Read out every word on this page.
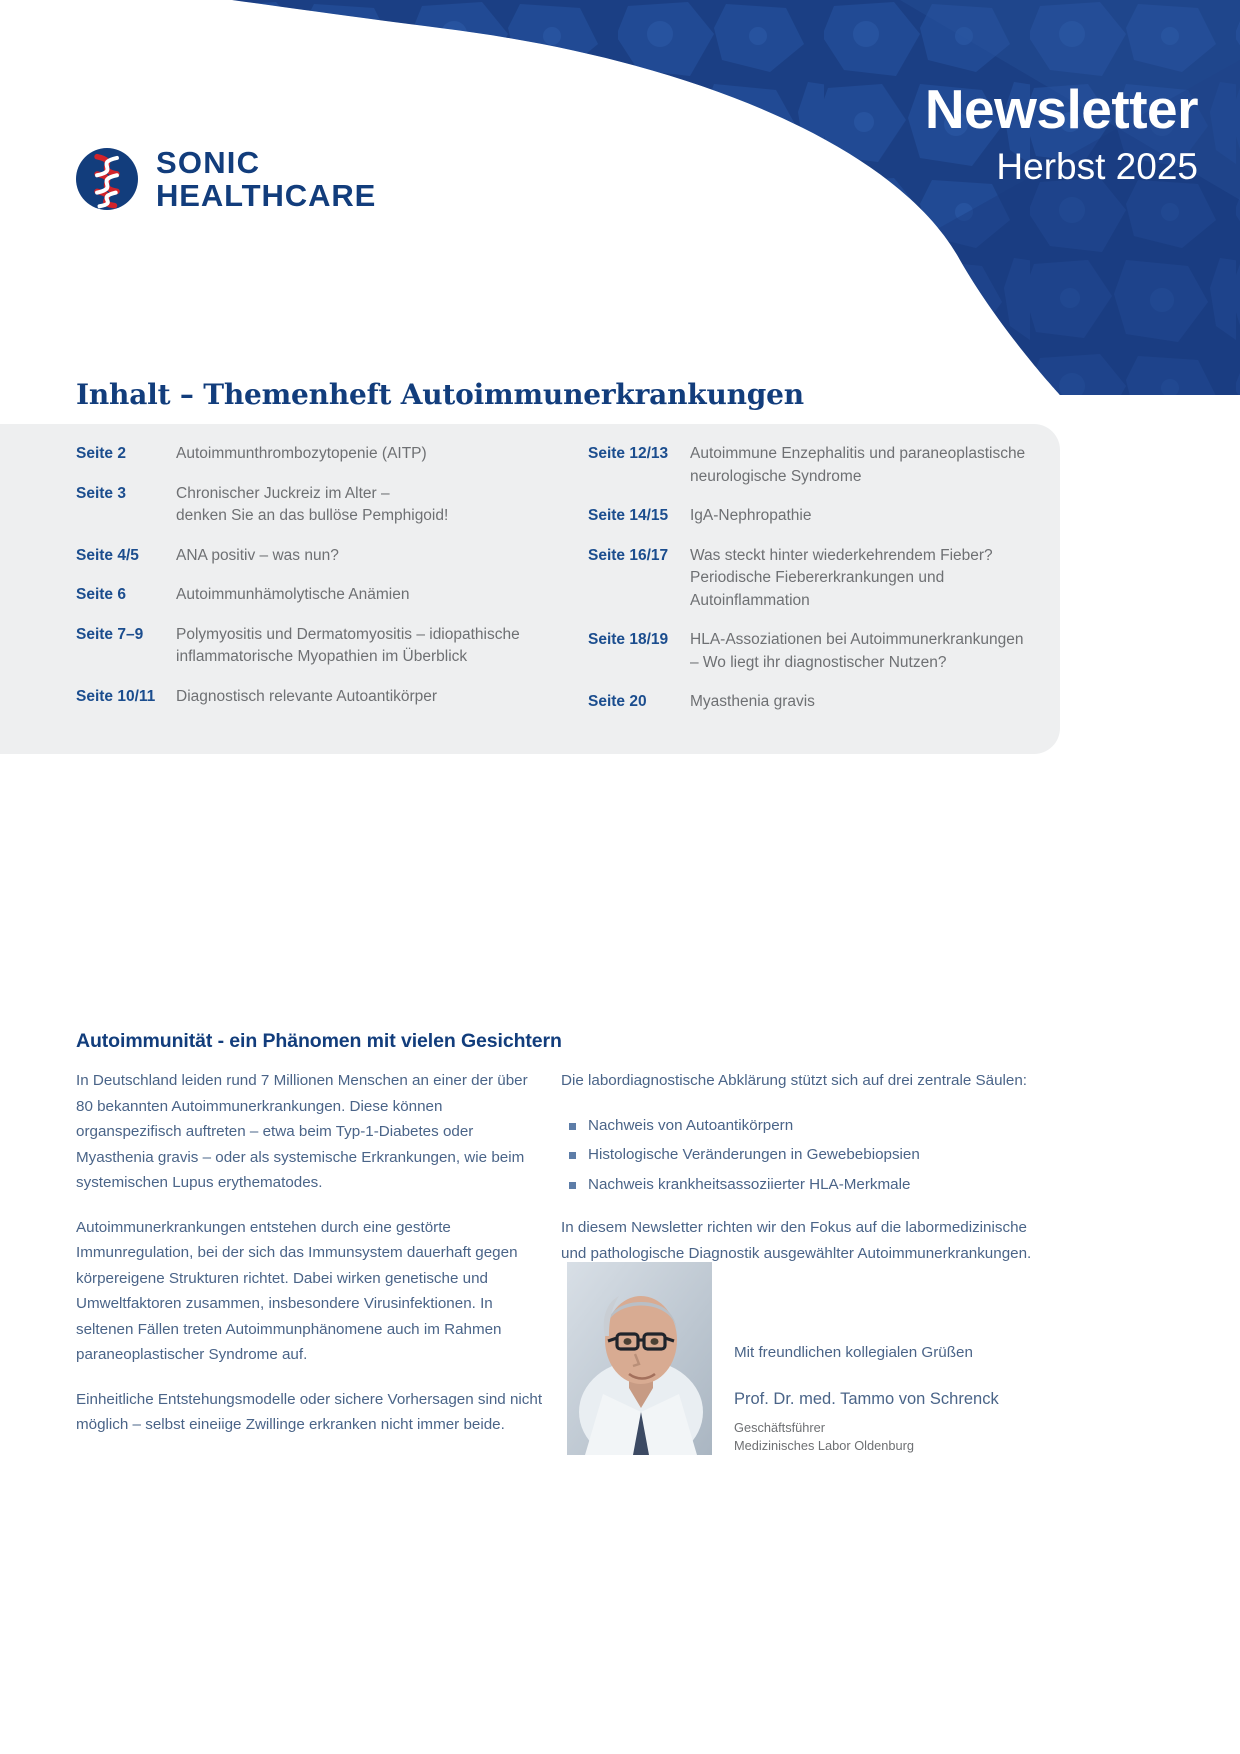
Newsletter
Herbst 2025
SONIC
HEALTHCARE
Inhalt – Themenheft Autoimmunerkrankungen
Seite 2	Autoimmunthrombozytopenie (AITP)
Seite 3	Chronischer Juckreiz im Alter –
denken Sie an das bullöse Pemphigoid!
Seite 4/5	ANA positiv – was nun?
Seite 6	Autoimmunhämolytische Anämien
Seite 7–9	Polymyositis und Dermatomyositis – idiopathische
inflammatorische Myopathien im Überblick
Seite 10/11	Diagnostisch relevante Autoantikörper
Seite 12/13	Autoimmune Enzephalitis und paraneoplastische
neurologische Syndrome
Seite 14/15	IgA-Nephropathie
Seite 16/17	Was steckt hinter wiederkehrendem Fieber?
Periodische Fiebererkrankungen und
Autoinflammation
Seite 18/19	HLA-Assoziationen bei Autoimmunerkrankungen
– Wo liegt ihr diagnostischer Nutzen?
Seite 20	Myasthenia gravis
Autoimmunität - ein Phänomen mit vielen Gesichtern

In Deutschland leiden rund 7 Millionen Menschen an einer der über 80 bekannten Autoimmunerkrankungen. Diese können organspezifisch auftreten – etwa beim Typ-1-Diabetes oder Myasthenia gravis – oder als systemische Erkrankungen, wie beim systemischen Lupus erythematodes.

Autoimmunerkrankungen entstehen durch eine gestörte Immunregulation, bei der sich das Immunsystem dauerhaft gegen körpereigene Strukturen richtet. Dabei wirken genetische und Umweltfaktoren zusammen, insbesondere Virusinfektionen. In seltenen Fällen treten Autoimmunphänomene auch im Rahmen paraneoplastischer Syndrome auf.

Einheitliche Entstehungsmodelle oder sichere Vorhersagen sind nicht möglich – selbst eineiige Zwillinge erkranken nicht immer beide.

Die labordiagnostische Abklärung stützt sich auf drei zentrale Säulen:

Nachweis von Autoantikörpern
Histologische Veränderungen in Gewebebiopsien
Nachweis krankheitsassoziierter HLA-Merkmale

In diesem Newsletter richten wir den Fokus auf die labormedizinische und pathologische Diagnostik ausgewählter Autoimmunerkrankungen.

Mit freundlichen kollegialen Grüßen

Prof. Dr. med. Tammo von Schrenck

Geschäftsführer

Medizinisches Labor Oldenburg
